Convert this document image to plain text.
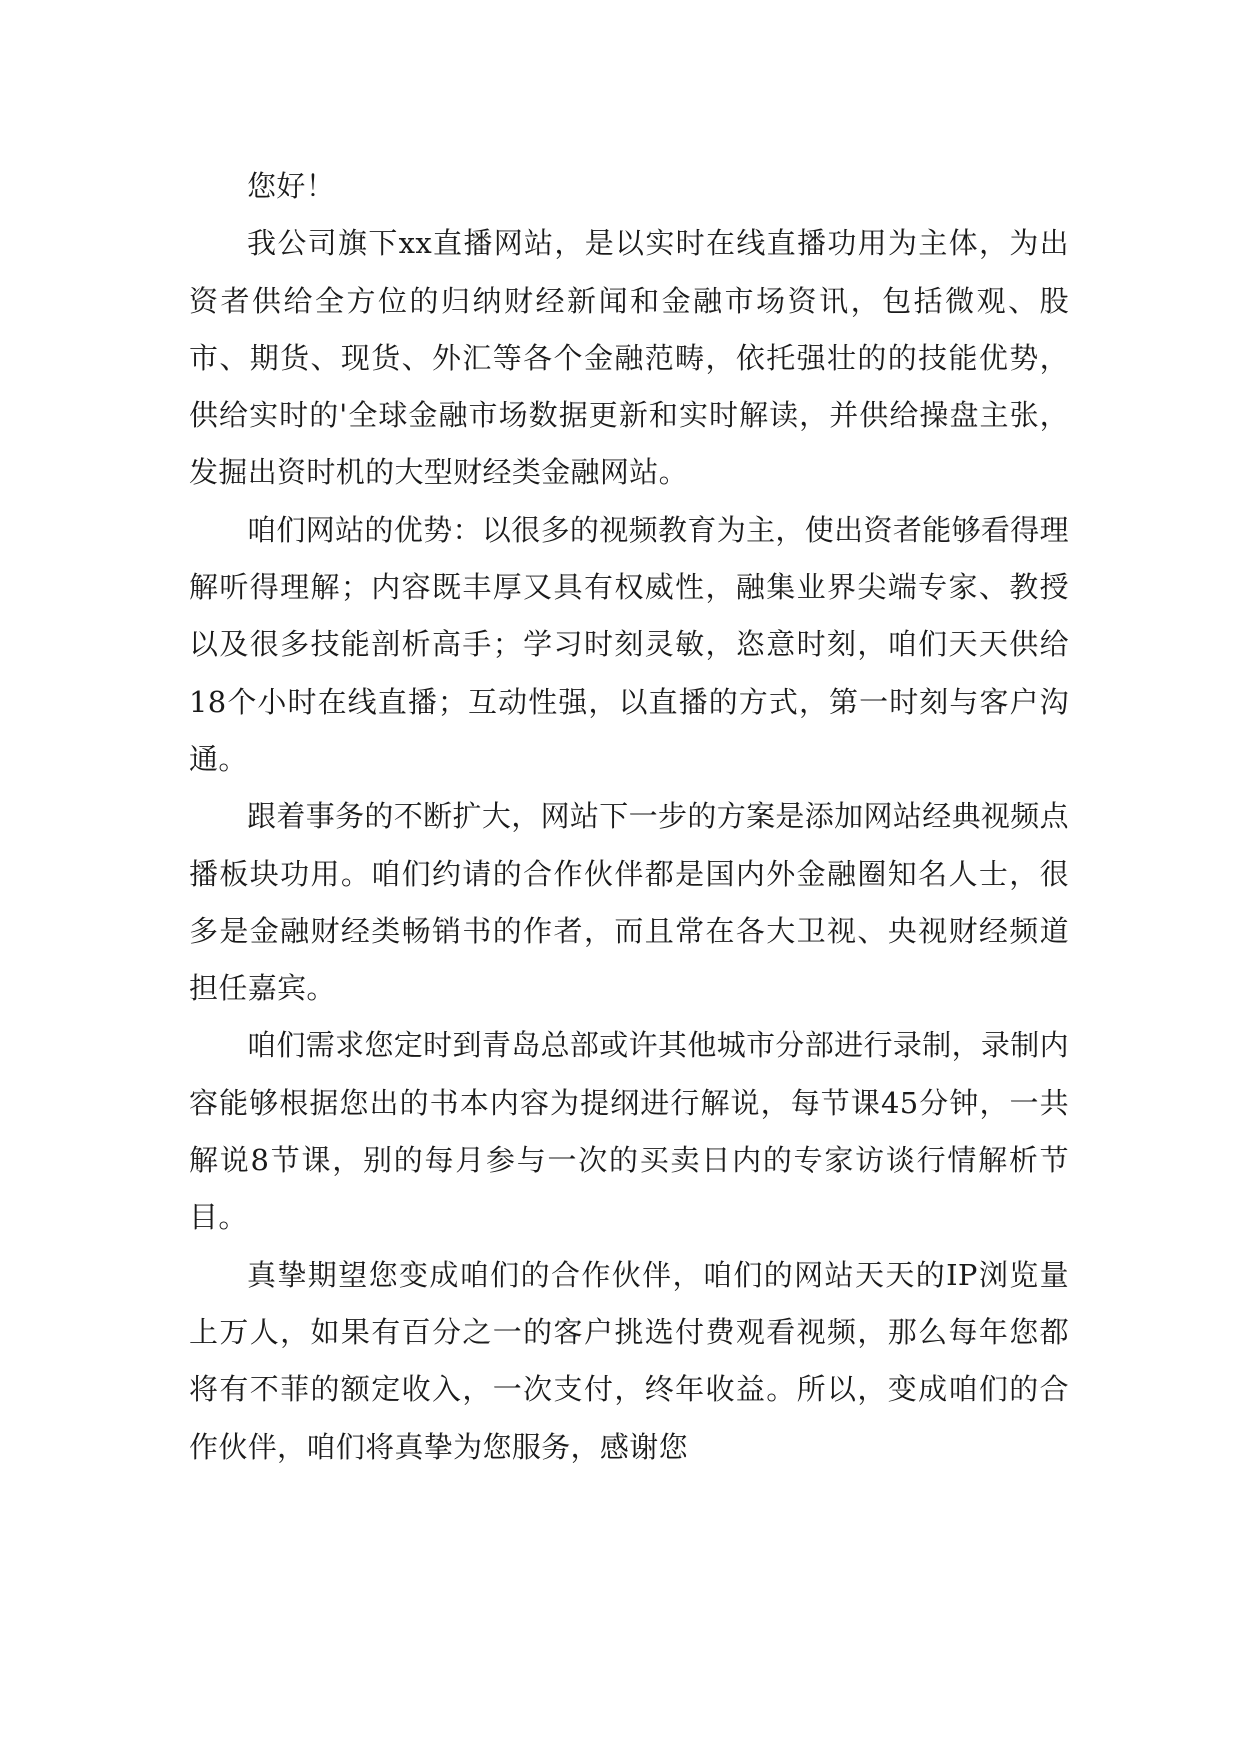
您好！

我公司旗下xx直播网站，是以实时在线直播功用为主体，为出资者供给全方位的归纳财经新闻和金融市场资讯，包括微观、股市、期货、现货、外汇等各个金融范畴，依托强壮的的技能优势，供给实时的'全球金融市场数据更新和实时解读，并供给操盘主张，发掘出资时机的大型财经类金融网站。

咱们网站的优势：以很多的视频教育为主，使出资者能够看得理解听得理解；内容既丰厚又具有权威性，融集业界尖端专家、教授以及很多技能剖析高手；学习时刻灵敏，恣意时刻，咱们天天供给18个小时在线直播；互动性强，以直播的方式，第一时刻与客户沟通。

跟着事务的不断扩大，网站下一步的方案是添加网站经典视频点播板块功用。咱们约请的合作伙伴都是国内外金融圈知名人士，很多是金融财经类畅销书的作者，而且常在各大卫视、央视财经频道担任嘉宾。

咱们需求您定时到青岛总部或许其他城市分部进行录制，录制内容能够根据您出的书本内容为提纲进行解说，每节课45分钟，一共解说8节课，别的每月参与一次的买卖日内的专家访谈行情解析节目。

真挚期望您变成咱们的合作伙伴，咱们的网站天天的IP浏览量上万人，如果有百分之一的客户挑选付费观看视频，那么每年您都将有不菲的额定收入，一次支付，终年收益。所以，变成咱们的合作伙伴，咱们将真挚为您服务，感谢您
